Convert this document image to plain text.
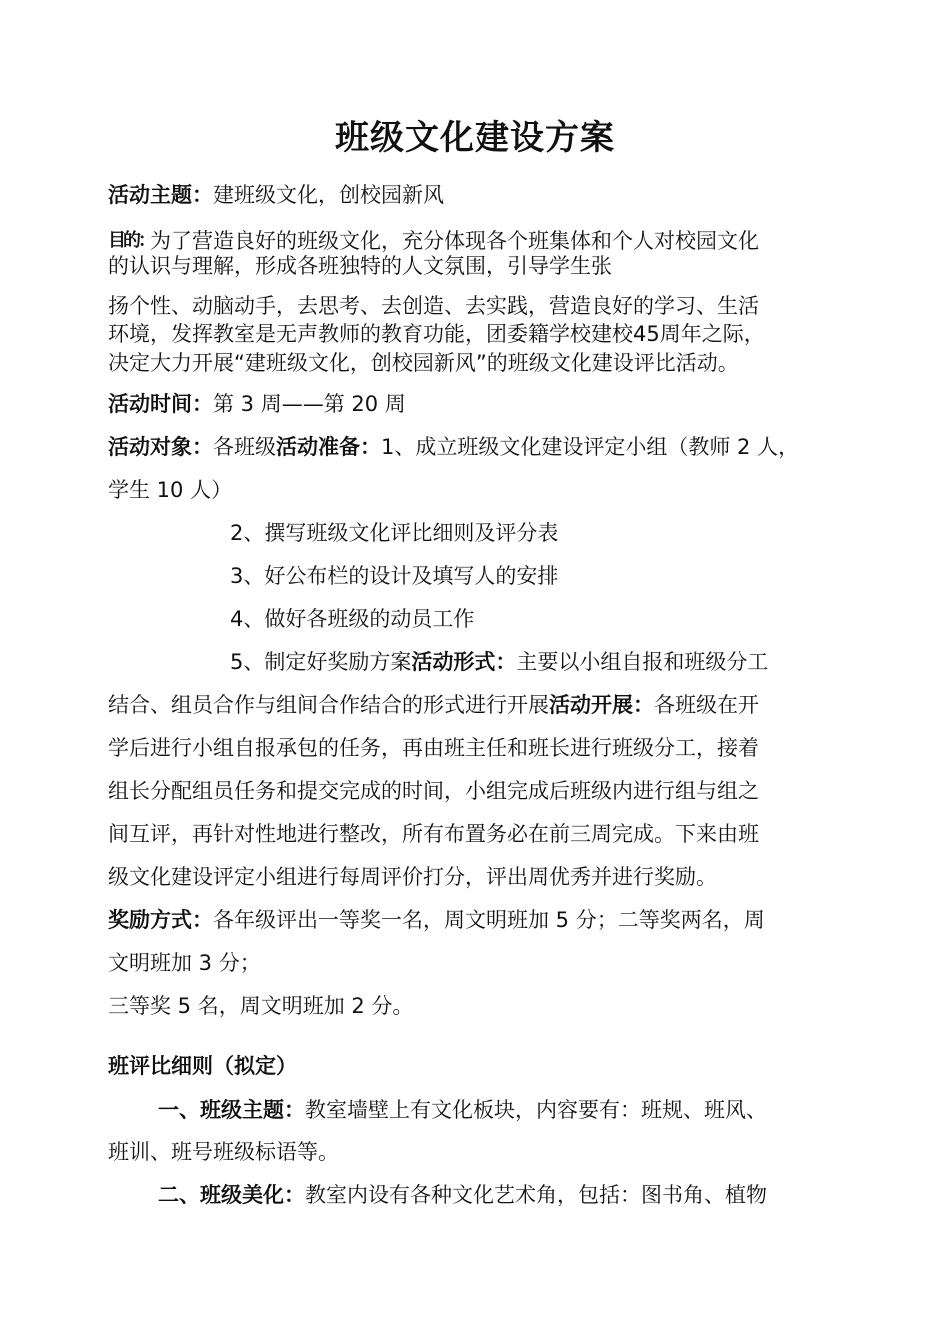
班级文化建设方案
活动主题：建班级文化，创校园新风
目的：
为了营造良好的班级文化，充分体现各个班集体和个人对校园文化
的认识与理解，形成各班独特的人文氛围，引导学生张
扬个性、动脑动手，去思考、去创造、去实践，营造良好的学习、生活
环境，发挥教室是无声教师的教育功能，团委籍学校建校45周年之际，
决定大力开展“建班级文化，创校园新风”的班级文化建设评比活动。
活动时间：第 3 周——第 20 周
活动对象：各班级活动准备：1、成立班级文化建设评定小组（教师 2 人，
学生 10 人）
2、撰写班级文化评比细则及评分表
3、好公布栏的设计及填写人的安排
4、做好各班级的动员工作
5、制定好奖励方案活动形式：主要以小组自报和班级分工
结合、组员合作与组间合作结合的形式进行开展活动开展：各班级在开
学后进行小组自报承包的任务，再由班主任和班长进行班级分工，接着
组长分配组员任务和提交完成的时间，小组完成后班级内进行组与组之
间互评，再针对性地进行整改，所有布置务必在前三周完成。下来由班
级文化建设评定小组进行每周评价打分，评出周优秀并进行奖励。
奖励方式：各年级评出一等奖一名，周文明班加 5 分；二等奖两名，周
文明班加 3 分；
三等奖 5 名，周文明班加 2 分。
班评比细则（拟定）
一、班级主题：教室墙壁上有文化板块，内容要有：班规、班风、
班训、班号班级标语等。
二、班级美化：教室内设有各种文化艺术角，包括：图书角、植物
